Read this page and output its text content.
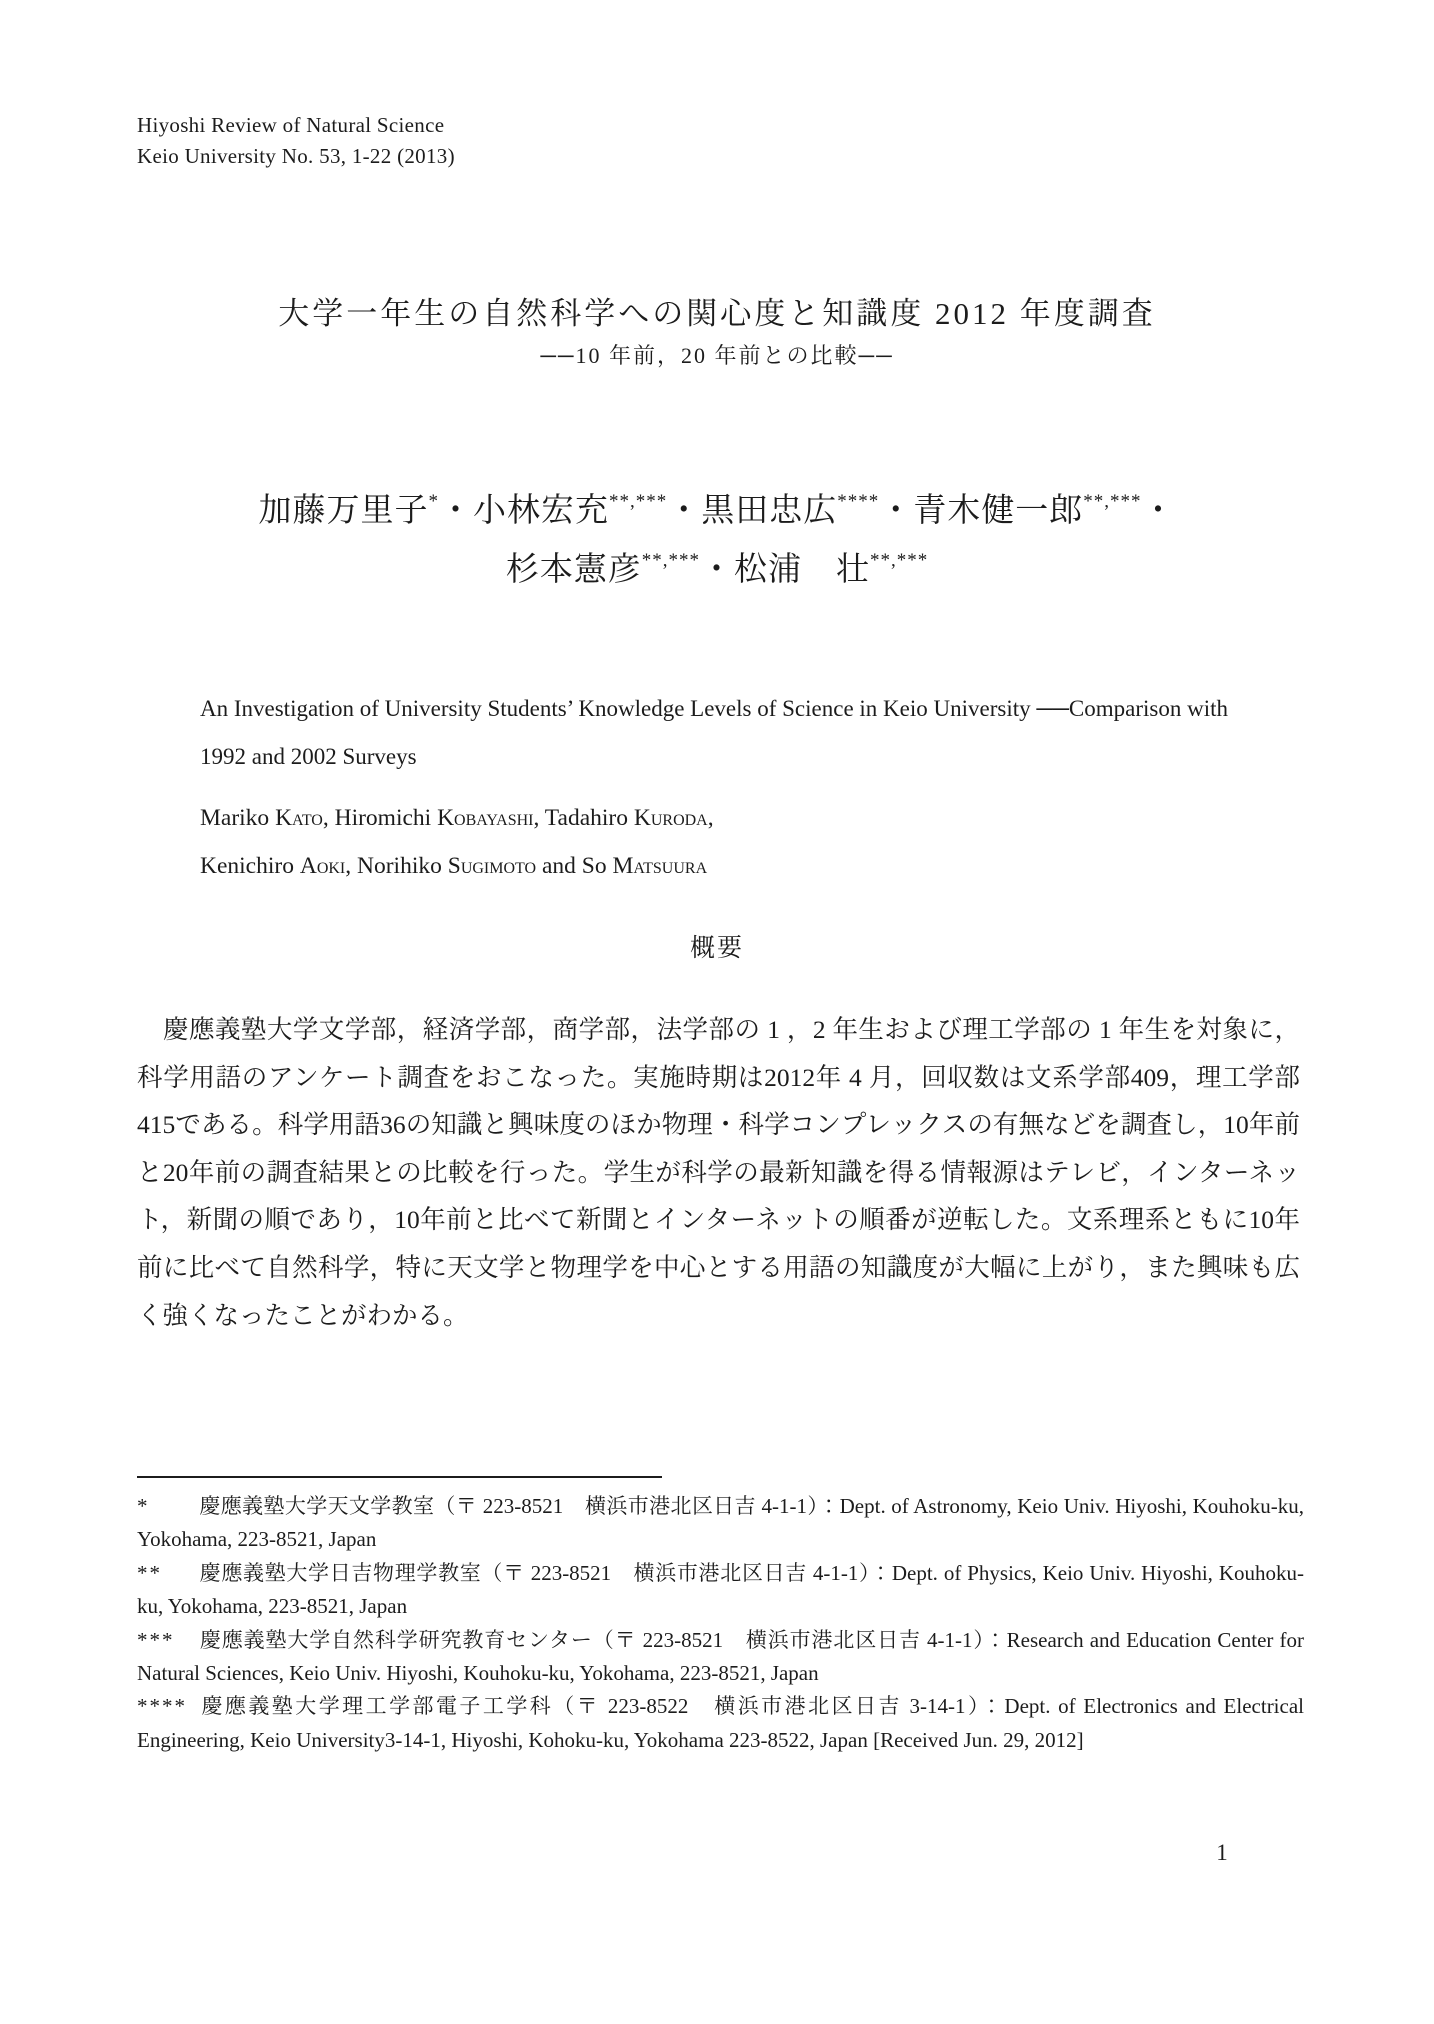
Hiyoshi Review of Natural Science
Keio University No. 53, 1-22 (2013)
大学一年生の自然科学への関心度と知識度 2012 年度調査
──10 年前，20 年前との比較──
加藤万里子*・小林宏充**,***・黒田忠広****・青木健一郎**,***・
杉本憲彦**,***・松浦　壮**,***
An Investigation of University Students’ Knowledge Levels of Science in Keio University ──Comparison with 1992 and 2002 Surveys
Mariko Kato, Hiromichi Kobayashi, Tadahiro Kuroda,
Kenichiro Aoki, Norihiko Sugimoto and So Matsuura
概要

慶應義塾大学文学部，経済学部，商学部，法学部の 1 ，2 年生および理工学部の 1 年生を対象に，科学用語のアンケート調査をおこなった。実施時期は2012年 4 月，回収数は文系学部409，理工学部415である。科学用語36の知識と興味度のほか物理・科学コンプレックスの有無などを調査し，10年前と20年前の調査結果との比較を行った。学生が科学の最新知識を得る情報源はテレビ，インターネット，新聞の順であり，10年前と比べて新聞とインターネットの順番が逆転した。文系理系ともに10年前に比べて自然科学，特に天文学と物理学を中心とする用語の知識度が大幅に上がり，また興味も広く強くなったことがわかる。

* 慶應義塾大学天文学教室（〒 223-8521　横浜市港北区日吉 4-1-1）：Dept. of Astronomy, Keio Univ. Hiyoshi, Kouhoku-ku, Yokohama, 223-8521, Japan
** 慶應義塾大学日吉物理学教室（〒 223-8521　横浜市港北区日吉 4-1-1）：Dept. of Physics, Keio Univ. Hiyoshi, Kouhoku-ku, Yokohama, 223-8521, Japan
*** 慶應義塾大学自然科学研究教育センター（〒 223-8521　横浜市港北区日吉 4-1-1）：Research and Education Center for Natural Sciences, Keio Univ. Hiyoshi, Kouhoku-ku, Yokohama, 223-8521, Japan
**** 慶應義塾大学理工学部電子工学科（〒 223-8522　横浜市港北区日吉 3-14-1）：Dept. of Electronics and Electrical Engineering, Keio University3-14-1, Hiyoshi, Kohoku-ku, Yokohama 223-8522, Japan [Received Jun. 29, 2012]
1
